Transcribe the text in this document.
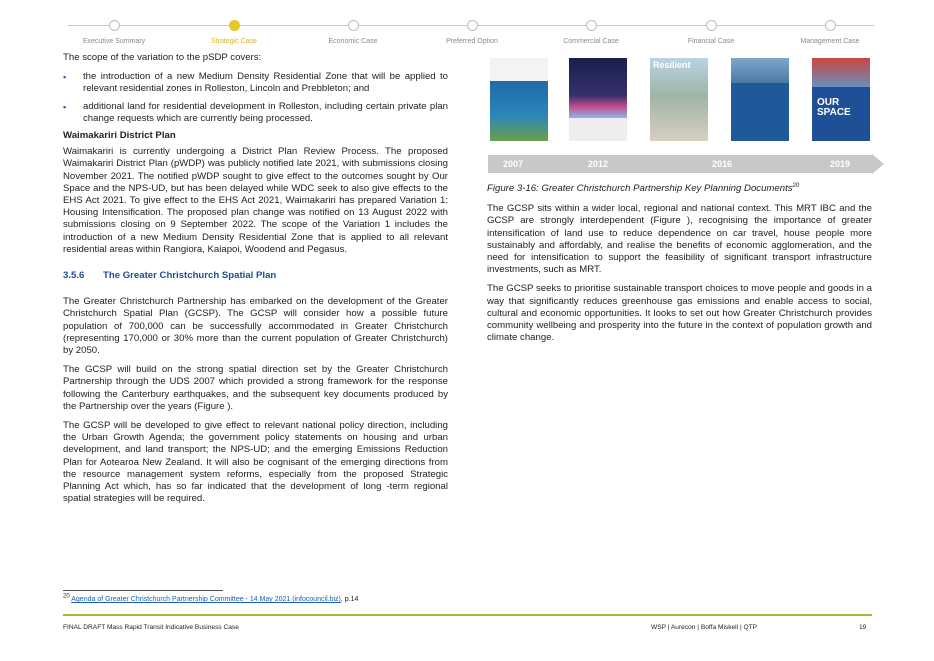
Executive Summary	Strategic Case	Economic Case	Preferred Option	Commercial Case	Financial Case	Management Case

The scope of the variation to the pSDP covers:

▪ the introduction of a new Medium Density Residential Zone that will be applied to relevant residential zones in Rolleston, Lincoln and Prebbleton; and
▪ additional land for residential development in Rolleston, including certain private plan change requests which are currently being processed.
Waimakariri District Plan

Waimakariri is currently undergoing a District Plan Review Process. The proposed Waimakariri District Plan (pWDP) was publicly notified late 2021, with submissions closing November 2021. The notified pWDP sought to give effect to the outcomes sought by Our Space and the NPS-UD, but has been delayed while WDC seek to also give effects to the EHS Act 2021. To give effect to the EHS Act 2021, Waimakariri has prepared Variation 1: Housing Intensification. The proposed plan change was notified on 13 August 2022 with submissions closing on 9 September 2022. The scope of the Variation 1 includes the introduction of a new Medium Density Residential Zone that is applied to all relevant residential areas within Rangiora, Kaiapoi, Woodend and Pegasus.

3.5.6	The Greater Christchurch Spatial Plan

The Greater Christchurch Partnership has embarked on the development of the Greater Christchurch Spatial Plan (GCSP). The GCSP will consider how a possible future population of 700,000 can be successfully accommodated in Greater Christchurch (representing 170,000 or 30% more than the current population of Greater Christchurch) by 2050.

The GCSP will build on the strong spatial direction set by the Greater Christchurch Partnership through the UDS 2007 which provided a strong framework for the response following the Canterbury earthquakes, and the subsequent key documents produced by the Partnership over the years (Figure ).

The GCSP will be developed to give effect to relevant national policy direction, including the Urban Growth Agenda; the government policy statements on housing and urban development, and land transport; the NPS-UD; and the emerging Emissions Reduction Plan for Aotearoa New Zealand. It will also be cognisant of the emerging directions from the resource management system reforms, especially from the proposed Strategic Planning Act which, has so far indicated that the development of long -term regional spatial strategies will be required.

Resilient
OUR SPACE
2007	2012	2016	2019
Figure 3-16: Greater Christchurch Partnership Key Planning Documents$^{20}$

The GCSP sits within a wider local, regional and national context. This MRT IBC and the GCSP are strongly interdependent (Figure ), recognising the importance of greater intensification of land use to reduce dependence on car travel, house people more sustainably and affordably, and realise the benefits of economic agglomeration, and the need for intensification to support the feasibility of significant transport infrastructure investments, such as MRT.

The GCSP seeks to prioritise sustainable transport choices to move people and goods in a way that significantly reduces greenhouse gas emissions and enable access to social, cultural and economic opportunities. It looks to set out how Greater Christchurch provides community wellbeing and prosperity into the future in the context of population growth and climate change.

$^{20}$ Agenda of Greater Christchurch Partnership Committee - 14 May 2021 (infocouncil.biz), p.14
FINAL DRAFT Mass Rapid Transit Indicative Business Case	WSP | Aurecon | Boffa Miskell | QTP	19
